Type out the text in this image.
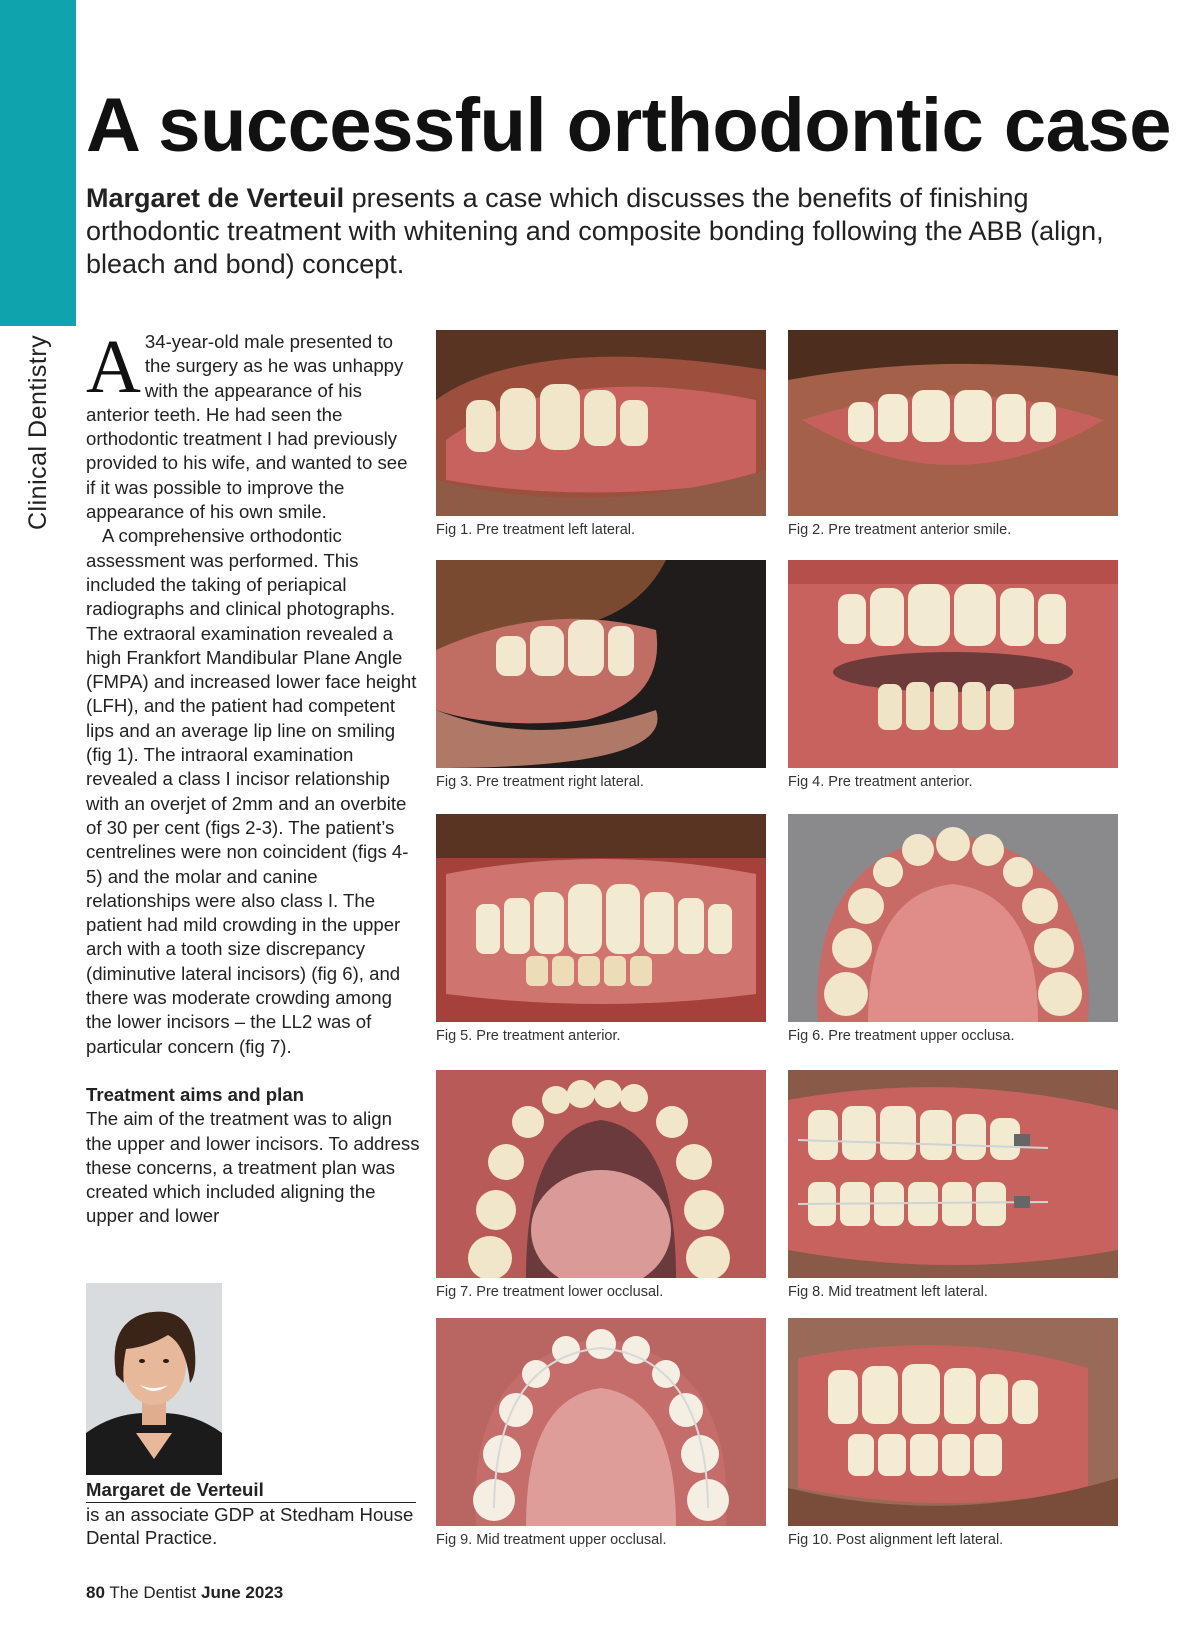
Clinical Dentistry
A successful orthodontic case
Margaret de Verteuil presents a case which discusses the benefits of finishing orthodontic treatment with whitening and composite bonding following the ABB (align, bleach and bond) concept.

A 34-year-old male presented to the surgery as he was unhappy with the appearance of his anterior teeth. He had seen the orthodontic treatment I had previously provided to his wife, and wanted to see if it was possible to improve the appearance of his own smile.

A comprehensive orthodontic assessment was performed. This included the taking of periapical radiographs and clinical photographs. The extraoral examination revealed a high Frankfort Mandibular Plane Angle (FMPA) and increased lower face height (LFH), and the patient had competent lips and an average lip line on smiling (fig 1). The intraoral examination revealed a class I incisor relationship with an overjet of 2mm and an overbite of 30 per cent (figs 2-3). The patient’s centrelines were non coincident (figs 4-5) and the molar and canine relationships were also class I. The patient had mild crowding in the upper arch with a tooth size discrepancy (diminutive lateral incisors) (fig 6), and there was moderate crowding among the lower incisors – the LL2 was of particular concern (fig 7).

Treatment aims and plan

The aim of the treatment was to align the upper and lower incisors. To address these concerns, a treatment plan was created which included aligning the upper and lower

Margaret de Verteuil
is an associate GDP at Stedham House Dental Practice.
80 The Dentist June 2023
Fig 1. Pre treatment left lateral.	Fig 2. Pre treatment anterior smile.
Fig 3. Pre treatment right lateral.	Fig 4. Pre treatment anterior.
Fig 5. Pre treatment anterior.	Fig 6. Pre treatment upper occlusa.
Fig 7. Pre treatment lower occlusal.	Fig 8. Mid treatment left lateral.
Fig 9. Mid treatment upper occlusal.	Fig 10. Post alignment left lateral.
